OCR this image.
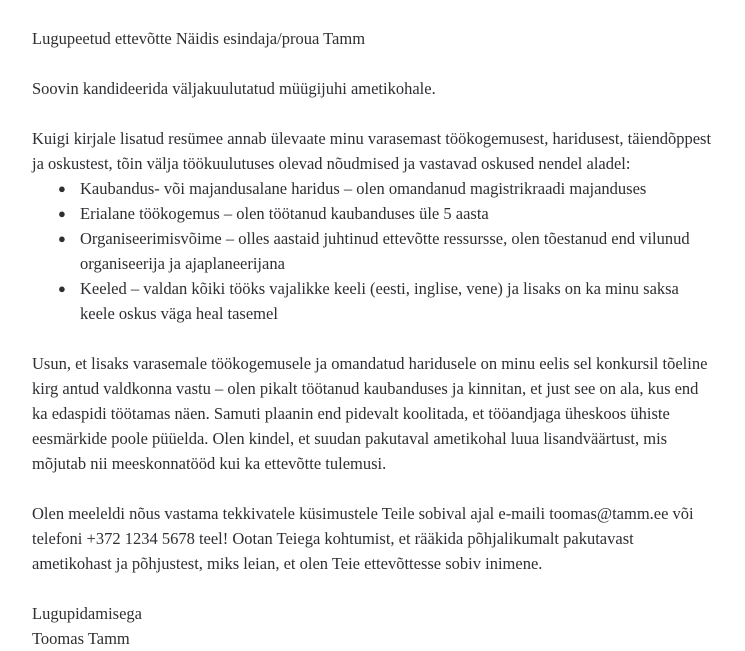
Lugupeetud ettevõtte Näidis esindaja/proua Tamm

Soovin kandideerida väljakuulutatud müügijuhi ametikohale.

Kuigi kirjale lisatud resümee annab ülevaate minu varasemast töökogemusest, haridusest, täiendõppest ja oskustest, tõin välja töökuulutuses olevad nõudmised ja vastavad oskused nendel aladel:

● Kaubandus- või majandusalane haridus – olen omandanud magistrikraadi majanduses
● Erialane töökogemus – olen töötanud kaubanduses üle 5 aasta
● Organiseerimisvõime – olles aastaid juhtinud ettevõtte ressursse, olen tõestanud end vilunud organiseerija ja ajaplaneerijana
● Keeled – valdan kõiki tööks vajalikke keeli (eesti, inglise, vene) ja lisaks on ka minu saksa keele oskus väga heal tasemel

Usun, et lisaks varasemale töökogemusele ja omandatud haridusele on minu eelis sel konkursil tõeline kirg antud valdkonna vastu – olen pikalt töötanud kaubanduses ja kinnitan, et just see on ala, kus end ka edaspidi töötamas näen. Samuti plaanin end pidevalt koolitada, et tööandjaga üheskoos ühiste eesmärkide poole püüelda. Olen kindel, et suudan pakutaval ametikohal luua lisandväärtust, mis mõjutab nii meeskonnatööd kui ka ettevõtte tulemusi.

Olen meeleldi nõus vastama tekkivatele küsimustele Teile sobival ajal e-maili toomas@tamm.ee või telefoni +372 1234 5678 teel! Ootan Teiega kohtumist, et rääkida põhjalikumalt pakutavast ametikohast ja põhjustest, miks leian, et olen Teie ettevõttesse sobiv inimene.

Lugupidamisega
Toomas Tamm
